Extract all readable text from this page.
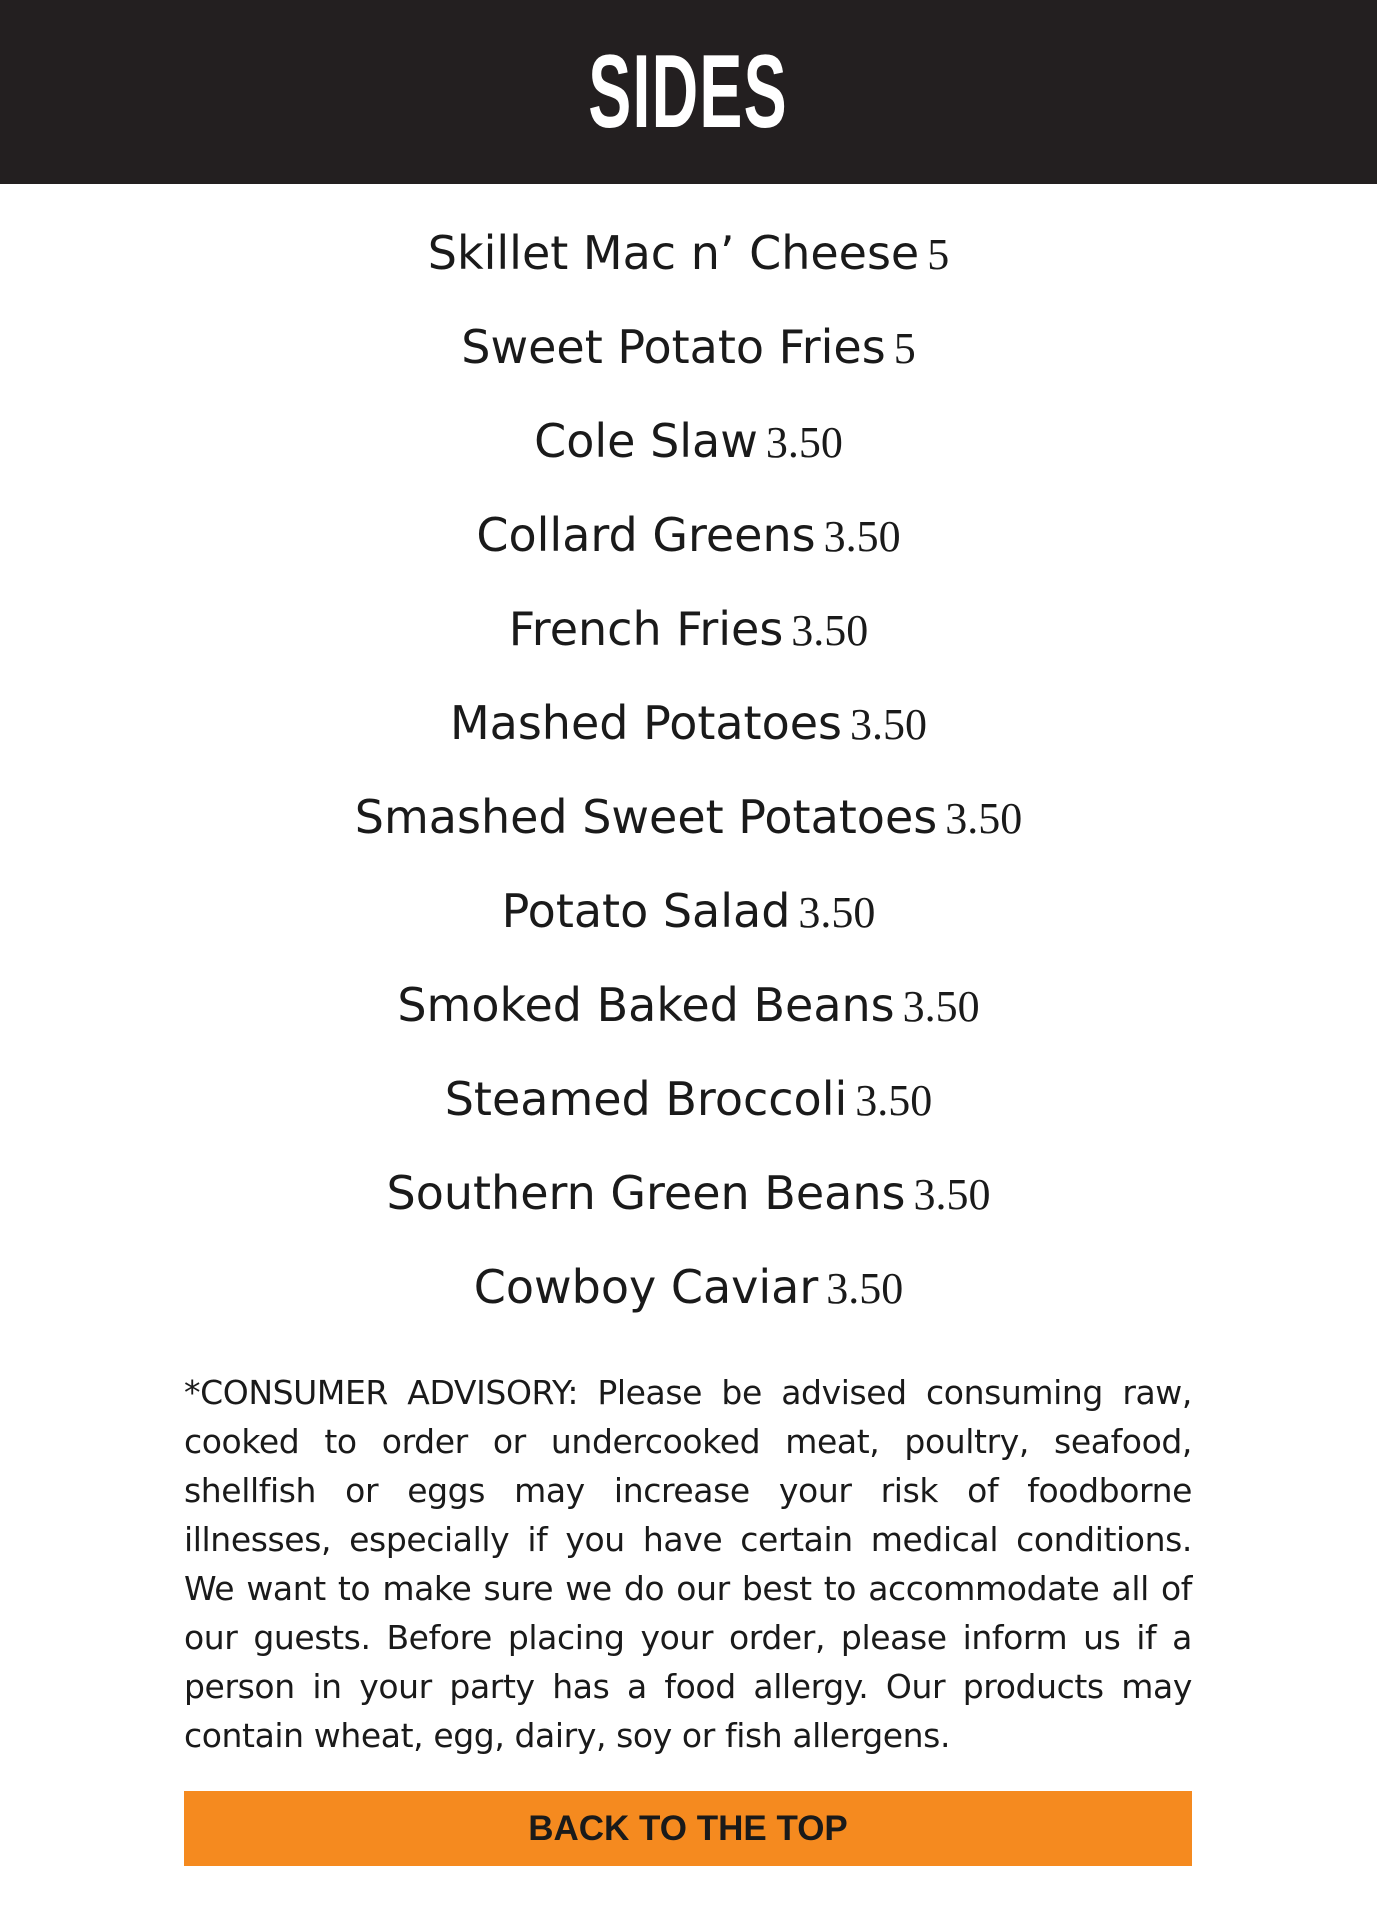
SIDES
Skillet Mac n’ Cheese 5
Sweet Potato Fries 5
Cole Slaw 3.50
Collard Greens 3.50
French Fries 3.50
Mashed Potatoes 3.50
Smashed Sweet Potatoes 3.50
Potato Salad 3.50
Smoked Baked Beans 3.50
Steamed Broccoli 3.50
Southern Green Beans 3.50
Cowboy Caviar 3.50

*CONSUMER ADVISORY: Please be advised consuming raw, cooked to order or undercooked meat, poultry, seafood, shellfish or eggs may increase your risk of foodborne illnesses, especially if you have certain medical conditions. We want to make sure we do our best to accommodate all of our guests. Before placing your order, please inform us if a person in your party has a food allergy. Our products may contain wheat, egg, dairy, soy or fish allergens.

BACK TO THE TOP
